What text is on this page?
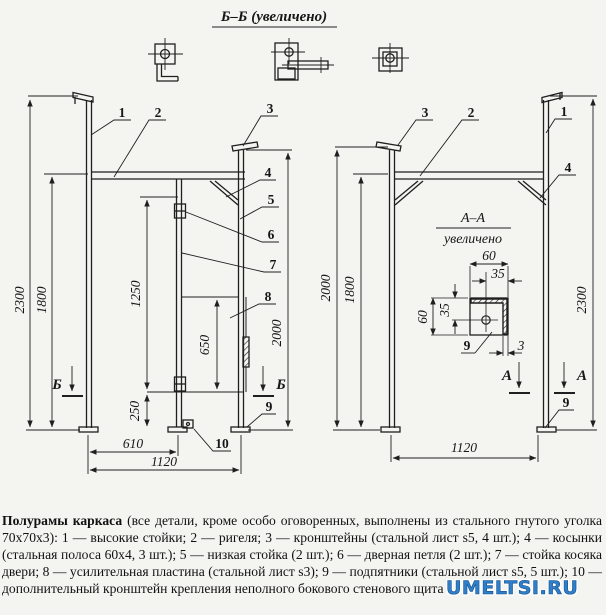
Б–Б (увеличено)
2300 1800	1250
650
250
2000
610
1120
Б	Б
1 2	3
4
5
6
7
8
9
10
2000 1800	2300
1120
А	А
3	2	1
4
9
А–А
увеличено
60
35
60
35
3
9

Полурамы каркаса (все детали, кроме особо оговоренных, выполнены из стального гнутого уголка 70х70х3): 1 — высокие стойки; 2 — ригеля; 3 — кронштейны (стальной лист s5, 4 шт.); 4 — косынки (стальная полоса 60х4, 3 шт.); 5 — низкая стойка (2 шт.); 6 — дверная петля (2 шт.); 7 — стойка косяка двери; 8 — усилительная пластина (стальной лист s3); 9 — подпятники (стальной лист s5, 5 шт.); 10 — дополнительный кронштейн крепления неполного бокового стенового щита UMELTSI.RU
